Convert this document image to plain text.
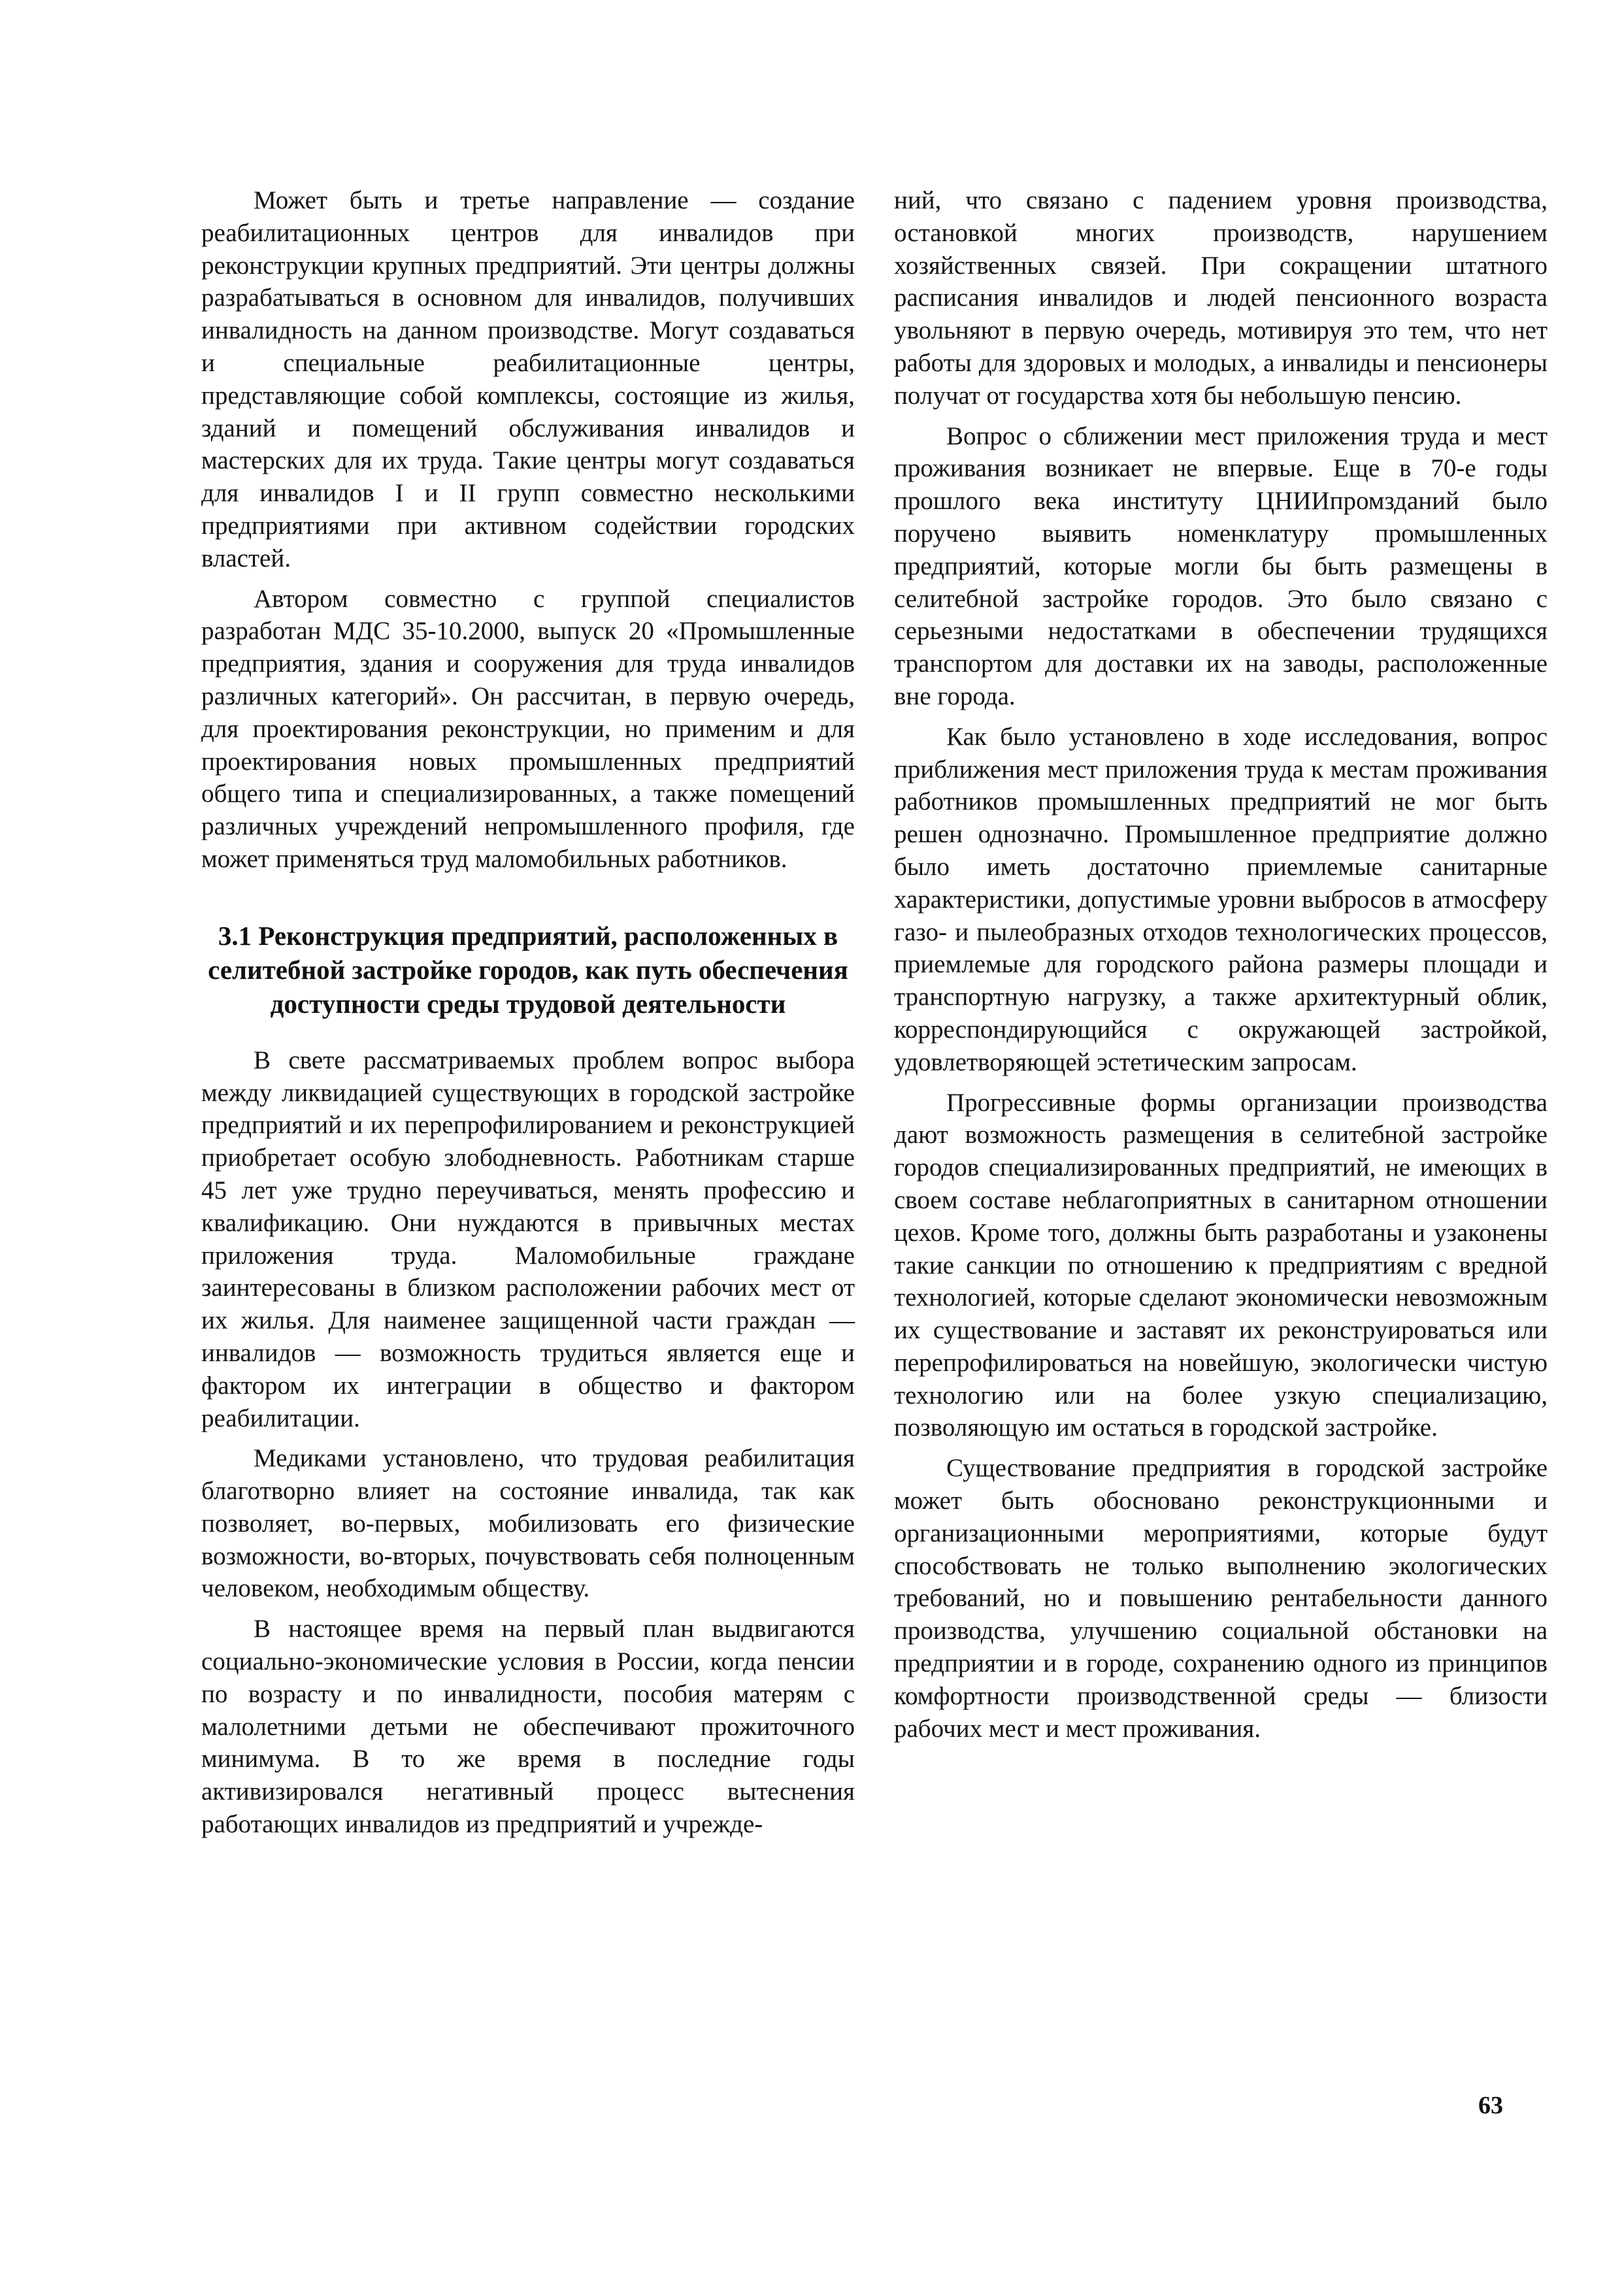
Может быть и третье направление — создание реабилитационных центров для инвалидов при реконструкции крупных предприятий. Эти центры должны разрабатываться в основном для инвалидов, получивших инвалидность на данном производстве. Могут создаваться и специальные реабилитационные центры, представляющие собой комплексы, состоящие из жилья, зданий и помещений обслуживания инвалидов и мастерских для их труда. Такие центры могут создаваться для инвалидов I и II групп совместно несколькими предприятиями при активном содействии городских властей.

Автором совместно с группой специалистов разработан МДС 35-10.2000, выпуск 20 «Промышленные предприятия, здания и сооружения для труда инвалидов различных категорий». Он рассчитан, в первую очередь, для проектирования реконструкции, но применим и для проектирования новых промышленных предприятий общего типа и специализированных, а также помещений различных учреждений непромышленного профиля, где может применяться труд маломобильных работников.

3.1 Реконструкция предприятий, расположенных в селитебной застройке городов, как путь обеспечения доступности среды трудовой деятельности

В свете рассматриваемых проблем вопрос выбора между ликвидацией существующих в городской застройке предприятий и их перепрофилированием и реконструкцией приобретает особую злободневность. Работникам старше 45 лет уже трудно переучиваться, менять профессию и квалификацию. Они нуждаются в привычных местах приложения труда. Маломобильные граждане заинтересованы в близком расположении рабочих мест от их жилья. Для наименее защищенной части граждан — инвалидов — возможность трудиться является еще и фактором их интеграции в общество и фактором реабилитации.

Медиками установлено, что трудовая реабилитация благотворно влияет на состояние инвалида, так как позволяет, во-первых, мобилизовать его физические возможности, во-вторых, почувствовать себя полноценным человеком, необходимым обществу.

В настоящее время на первый план выдвигаются социально-экономические условия в России, когда пенсии по возрасту и по инвалидности, пособия матерям с малолетними детьми не обеспечивают прожиточного минимума. В то же время в последние годы активизировался негативный процесс вытеснения работающих инвалидов из предприятий и учрежде-

ний, что связано с падением уровня производства, остановкой многих производств, нарушением хозяйственных связей. При сокращении штатного расписания инвалидов и людей пенсионного возраста увольняют в первую очередь, мотивируя это тем, что нет работы для здоровых и молодых, а инвалиды и пенсионеры получат от государства хотя бы небольшую пенсию.

Вопрос о сближении мест приложения труда и мест проживания возникает не впервые. Еще в 70-е годы прошлого века институту ЦНИИпромзданий было поручено выявить номенклатуру промышленных предприятий, которые могли бы быть размещены в селитебной застройке городов. Это было связано с серьезными недостатками в обеспечении трудящихся транспортом для доставки их на заводы, расположенные вне города.

Как было установлено в ходе исследования, вопрос приближения мест приложения труда к местам проживания работников промышленных предприятий не мог быть решен однозначно. Промышленное предприятие должно было иметь достаточно приемлемые санитарные характеристики, допустимые уровни выбросов в атмосферу газо- и пылеобразных отходов технологических процессов, приемлемые для городского района размеры площади и транспортную нагрузку, а также архитектурный облик, корреспондирующийся с окружающей застройкой, удовлетворяющей эстетическим запросам.

Прогрессивные формы организации производства дают возможность размещения в селитебной застройке городов специализированных предприятий, не имеющих в своем составе неблагоприятных в санитарном отношении цехов. Кроме того, должны быть разработаны и узаконены такие санкции по отношению к предприятиям с вредной технологией, которые сделают экономически невозможным их существование и заставят их реконструироваться или перепрофилироваться на новейшую, экологически чистую технологию или на более узкую специализацию, позволяющую им остаться в городской застройке.

Существование предприятия в городской застройке может быть обосновано реконструкционными и организационными мероприятиями, которые будут способствовать не только выполнению экологических требований, но и повышению рентабельности данного производства, улучшению социальной обстановки на предприятии и в городе, сохранению одного из принципов комфортности производственной среды — близости рабочих мест и мест проживания.

63
